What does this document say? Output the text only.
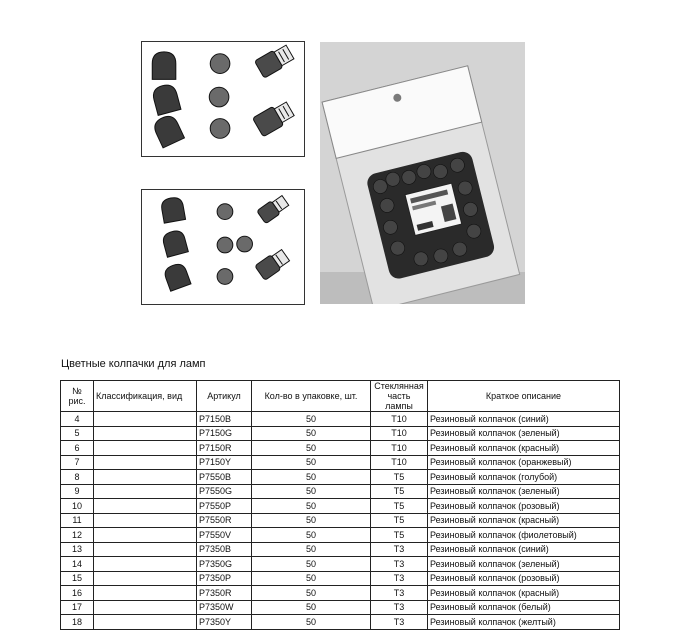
Цветные колпачки для ламп
№ рис.	Классификация, вид	Артикул	Кол-во в упаковке, шт.	Стеклянная часть лампы	Краткое описание
4		P7150B	50	T10	Резиновый колпачок (синий)
5		P7150G	50	T10	Резиновый колпачок (зеленый)
6		P7150R	50	T10	Резиновый колпачок (красный)
7		P7150Y	50	T10	Резиновый колпачок (оранжевый)
8		P7550B	50	T5	Резиновый колпачок (голубой)
9		P7550G	50	T5	Резиновый колпачок (зеленый)
10		P7550P	50	T5	Резиновый колпачок (розовый)
11		P7550R	50	T5	Резиновый колпачок (красный)
12		P7550V	50	T5	Резиновый колпачок (фиолетовый)
13		P7350B	50	T3	Резиновый колпачок (синий)
14		P7350G	50	T3	Резиновый колпачок (зеленый)
15		P7350P	50	T3	Резиновый колпачок (розовый)
16		P7350R	50	T3	Резиновый колпачок (красный)
17		P7350W	50	T3	Резиновый колпачок (белый)
18		P7350Y	50	T3	Резиновый колпачок (желтый)
